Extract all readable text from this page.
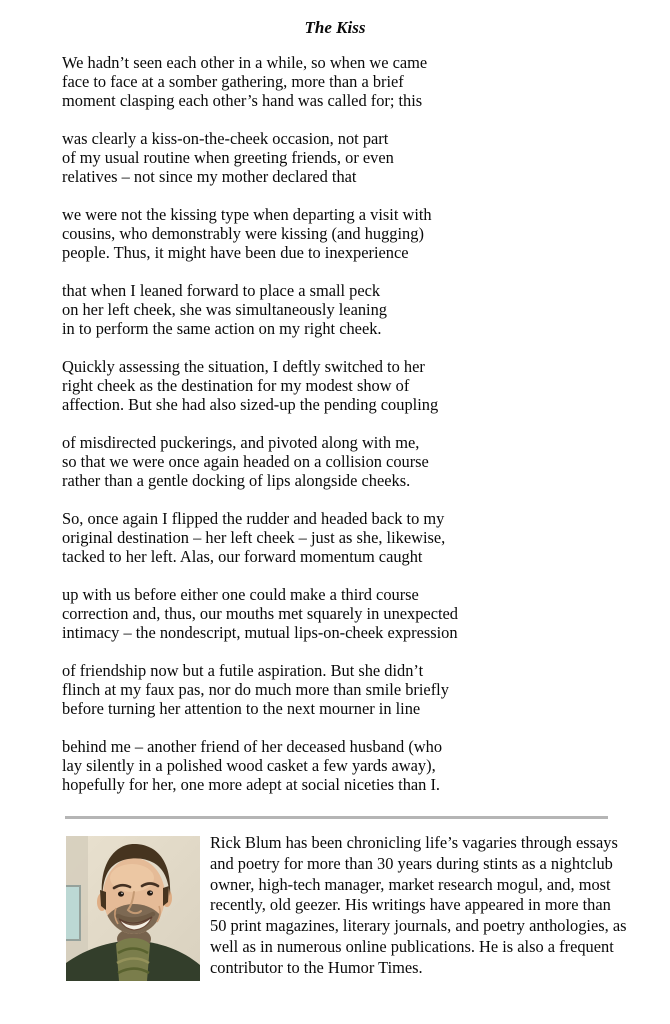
The Kiss
We hadn’t seen each other in a while, so when we came
face to face at a somber gathering, more than a brief
moment clasping each other’s hand was called for; this
was clearly a kiss-on-the-cheek occasion, not part
of my usual routine when greeting friends, or even
relatives – not since my mother declared that
we were not the kissing type when departing a visit with
cousins, who demonstrably were kissing (and hugging)
people. Thus, it might have been due to inexperience
that when I leaned forward to place a small peck
on her left cheek, she was simultaneously leaning
in to perform the same action on my right cheek.
Quickly assessing the situation, I deftly switched to her
right cheek as the destination for my modest show of
affection. But she had also sized-up the pending coupling
of misdirected puckerings, and pivoted along with me,
so that we were once again headed on a collision course
rather than a gentle docking of lips alongside cheeks.
So, once again I flipped the rudder and headed back to my
original destination – her left cheek – just as she, likewise,
tacked to her left. Alas, our forward momentum caught
up with us before either one could make a third course
correction and, thus, our mouths met squarely in unexpected
intimacy – the nondescript, mutual lips-on-cheek expression
of friendship now but a futile aspiration. But she didn’t
flinch at my faux pas, nor do much more than smile briefly
before turning her attention to the next mourner in line
behind me – another friend of her deceased husband (who
lay silently in a polished wood casket a few yards away),
hopefully for her, one more adept at social niceties than I.
Rick Blum has been chronicling life’s vagaries through essays
and poetry for more than 30 years during stints as a nightclub
owner, high-tech manager, market research mogul, and, most
recently, old geezer. His writings have appeared in more than
50 print magazines, literary journals, and poetry anthologies, as
well as in numerous online publications. He is also a frequent
contributor to the Humor Times.
